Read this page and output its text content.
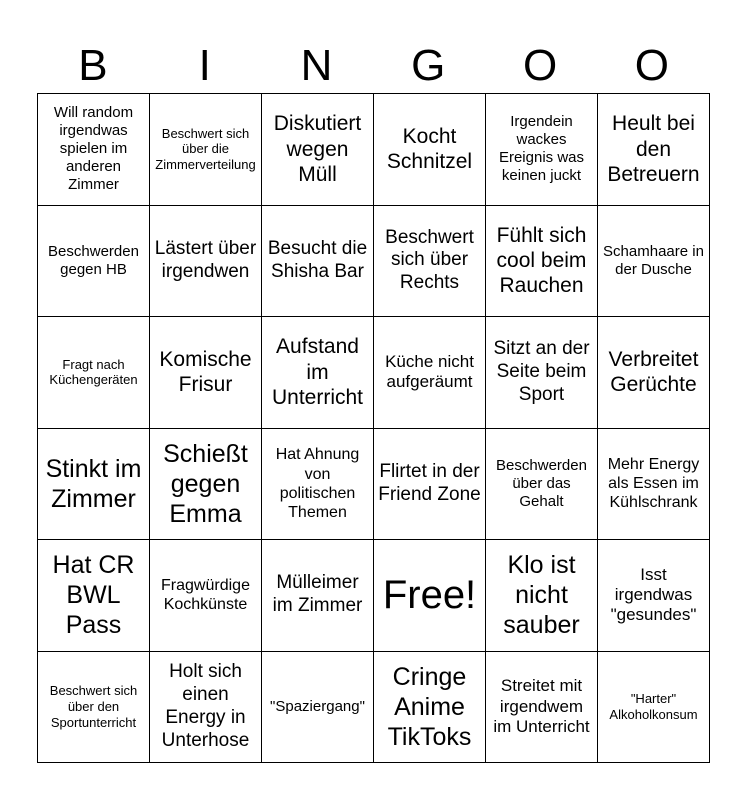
B	I	N	G	O	O
Will random irgendwas spielen im anderen Zimmer	Beschwert sich über die Zimmerverteilung	Diskutiert wegen Müll	Kocht Schnitzel	Irgendein wackes Ereignis was keinen juckt	Heult bei den Betreuern
Beschwerden gegen HB	Lästert über irgendwen	Besucht die Shisha Bar	Beschwert sich über Rechts	Fühlt sich cool beim Rauchen	Schamhaare in der Dusche
Fragt nach Küchengeräten	Komische Frisur	Aufstand im Unterricht	Küche nicht aufgeräumt	Sitzt an der Seite beim Sport	Verbreitet Gerüchte
Stinkt im Zimmer	Schießt gegen Emma	Hat Ahnung von politischen Themen	Flirtet in der Friend Zone	Beschwerden über das Gehalt	Mehr Energy als Essen im Kühlschrank
Hat CR BWL Pass	Fragwürdige Kochkünste	Mülleimer im Zimmer	Free!	Klo ist nicht sauber	Isst irgendwas "gesundes"
Beschwert sich über den Sportunterricht	Holt sich einen Energy in Unterhose	"Spaziergang"	Cringe Anime TikToks	Streitet mit irgendwem im Unterricht	"Harter" Alkoholkonsum
